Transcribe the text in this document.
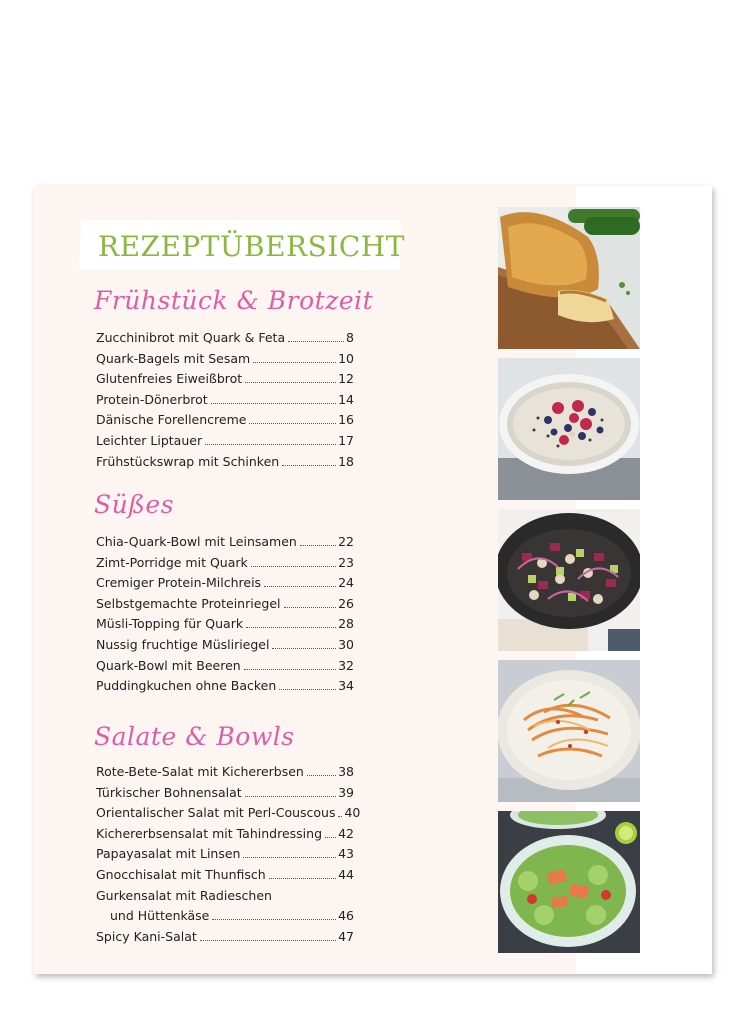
REZEPTÜBERSICHT
Frühstück & Brotzeit
Zucchinibrot mit Quark & Feta	8
Quark-Bagels mit Sesam	10
Glutenfreies Eiweißbrot	12
Protein-Dönerbrot	14
Dänische Forellencreme	16
Leichter Liptauer	17
Frühstückswrap mit Schinken	18
Süßes
Chia-Quark-Bowl mit Leinsamen	22
Zimt-Porridge mit Quark	23
Cremiger Protein-Milchreis	24
Selbstgemachte Proteinriegel	26
Müsli-Topping für Quark	28
Nussig fruchtige Müsliriegel	30
Quark-Bowl mit Beeren	32
Puddingkuchen ohne Backen	34
Salate & Bowls
Rote-Bete-Salat mit Kichererbsen	38
Türkischer Bohnensalat	39
Orientalischer Salat mit Perl-Couscous 40
Kichererbsensalat mit Tahindressing 42
Papayasalat mit Linsen	43
Gnocchisalat mit Thunfisch	44
Gurkensalat mit Radieschen
und Hüttenkäse	46
Spicy Kani-Salat	47
